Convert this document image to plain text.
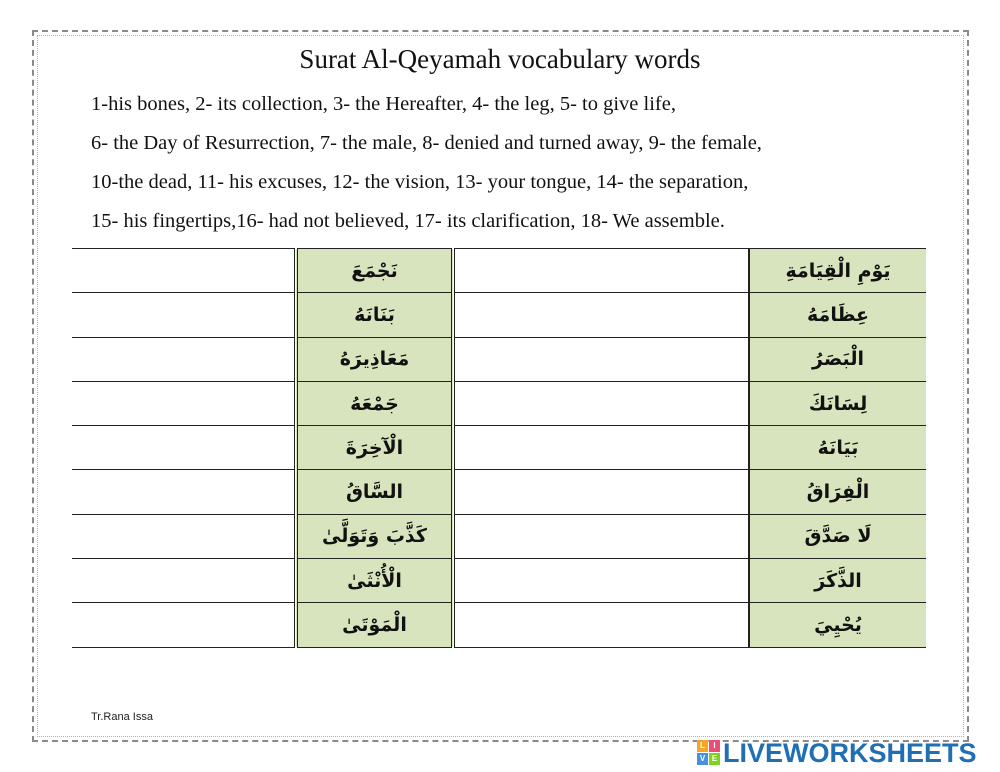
Surat Al-Qeyamah vocabulary words
1-his bones, 2- its collection, 3- the Hereafter, 4- the leg, 5- to give life,
6- the Day of Resurrection, 7- the male, 8- denied and turned away, 9- the female,
10-the dead, 11- his excuses, 12- the vision, 13- your tongue, 14- the separation,
15- his fingertips,16- had not believed, 17- its clarification, 18- We assemble.
	نَجْمَعَ		يَوْمِ الْقِيَامَةِ
	بَنَانَهُ		عِظَامَهُ
	مَعَاذِيرَهُ		الْبَصَرُ
	جَمْعَهُ		لِسَانَكَ
	الْآخِرَةَ		بَيَانَهُ
	السَّاقُ		الْفِرَاقُ
	كَذَّبَ وَتَوَلَّىٰ		لَا صَدَّقَ
	الْأُنْثَىٰ		الذَّكَرَ
	الْمَوْتَىٰ		يُحْيِيَ
Tr.Rana Issa
L	I
V E LIVEWORKSHEETS
